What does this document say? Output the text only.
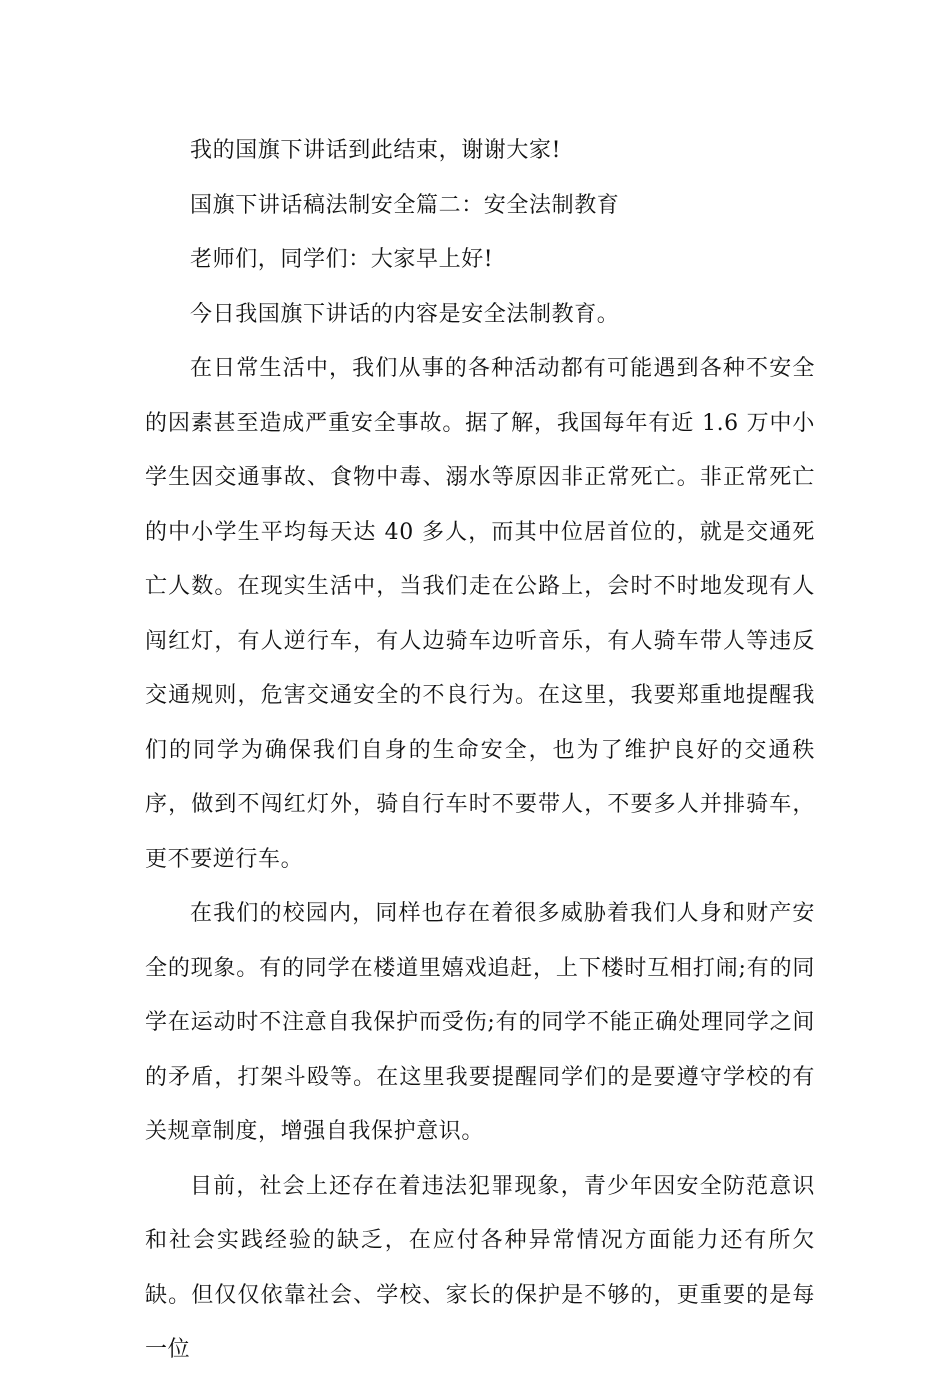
我的国旗下讲话到此结束，谢谢大家!

国旗下讲话稿法制安全篇二：安全法制教育

老师们，同学们：大家早上好!

今日我国旗下讲话的内容是安全法制教育。

在日常生活中，我们从事的各种活动都有可能遇到各种不安全的因素甚至造成严重安全事故。据了解，我国每年有近 1.6 万中小学生因交通事故、食物中毒、溺水等原因非正常死亡。非正常死亡的中小学生平均每天达 40 多人，而其中位居首位的，就是交通死亡人数。在现实生活中，当我们走在公路上，会时不时地发现有人闯红灯，有人逆行车，有人边骑车边听音乐，有人骑车带人等违反交通规则，危害交通安全的不良行为。在这里，我要郑重地提醒我们的同学为确保我们自身的生命安全，也为了维护良好的交通秩序，做到不闯红灯外，骑自行车时不要带人，不要多人并排骑车，更不要逆行车。

在我们的校园内，同样也存在着很多威胁着我们人身和财产安全的现象。有的同学在楼道里嬉戏追赶，上下楼时互相打闹;有的同学在运动时不注意自我保护而受伤;有的同学不能正确处理同学之间的矛盾，打架斗殴等。在这里我要提醒同学们的是要遵守学校的有关规章制度，增强自我保护意识。

目前，社会上还存在着违法犯罪现象，青少年因安全防范意识和社会实践经验的缺乏，在应付各种异常情况方面能力还有所欠缺。但仅仅依靠社会、学校、家长的保护是不够的，更重要的是每一位
